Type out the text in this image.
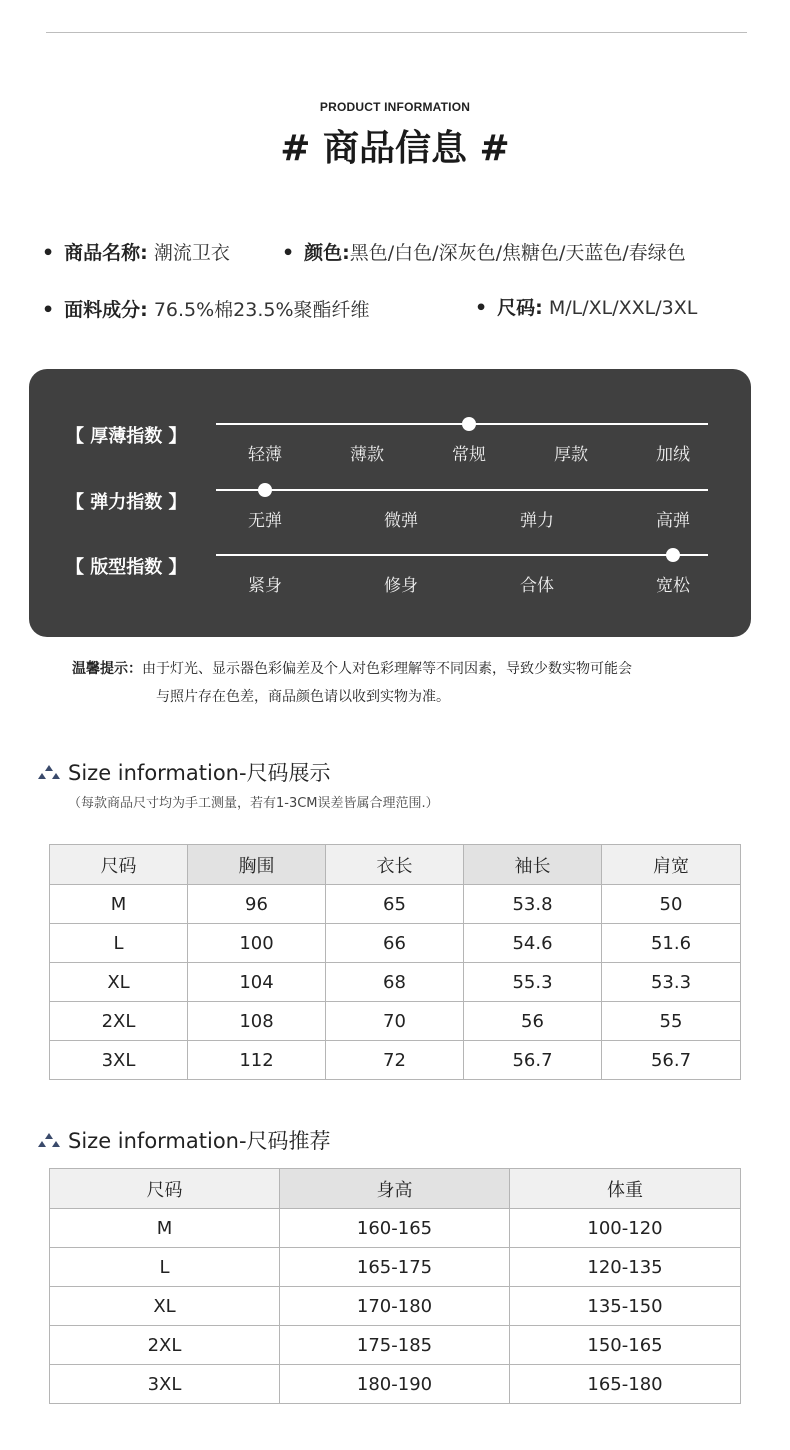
PRODUCT INFORMATION
# 商品信息 #
• 商品名称: 潮流卫衣	• 颜色:黑色/白色/深灰色/焦糖色/天蓝色/春绿色
• 面料成分: 76.5%棉23.5%聚酯纤维	• 尺码: M/L/XL/XXL/3XL
【 厚薄指数 】
轻薄	薄款	常规	厚款	加绒
【 弹力指数 】
无弹	微弹	弹力	高弹
【 版型指数 】
紧身	修身	合体	宽松
温馨提示：由于灯光、显示器色彩偏差及个人对色彩理解等不同因素，导致少数实物可能会
与照片存在色差，商品颜色请以收到实物为准。
Size information-尺码展示
（每款商品尺寸均为手工测量，若有1-3CM误差皆属合理范围.）
尺码	胸围	衣长	袖长	肩宽
M	96	65	53.8	50
L	100	66	54.6	51.6
XL	104	68	55.3	53.3
2XL	108	70	56	55
3XL	112	72	56.7	56.7
Size information-尺码推荐
尺码	身高	体重
M	160-165	100-120
L	165-175	120-135
XL	170-180	135-150
2XL	175-185	150-165
3XL	180-190	165-180
